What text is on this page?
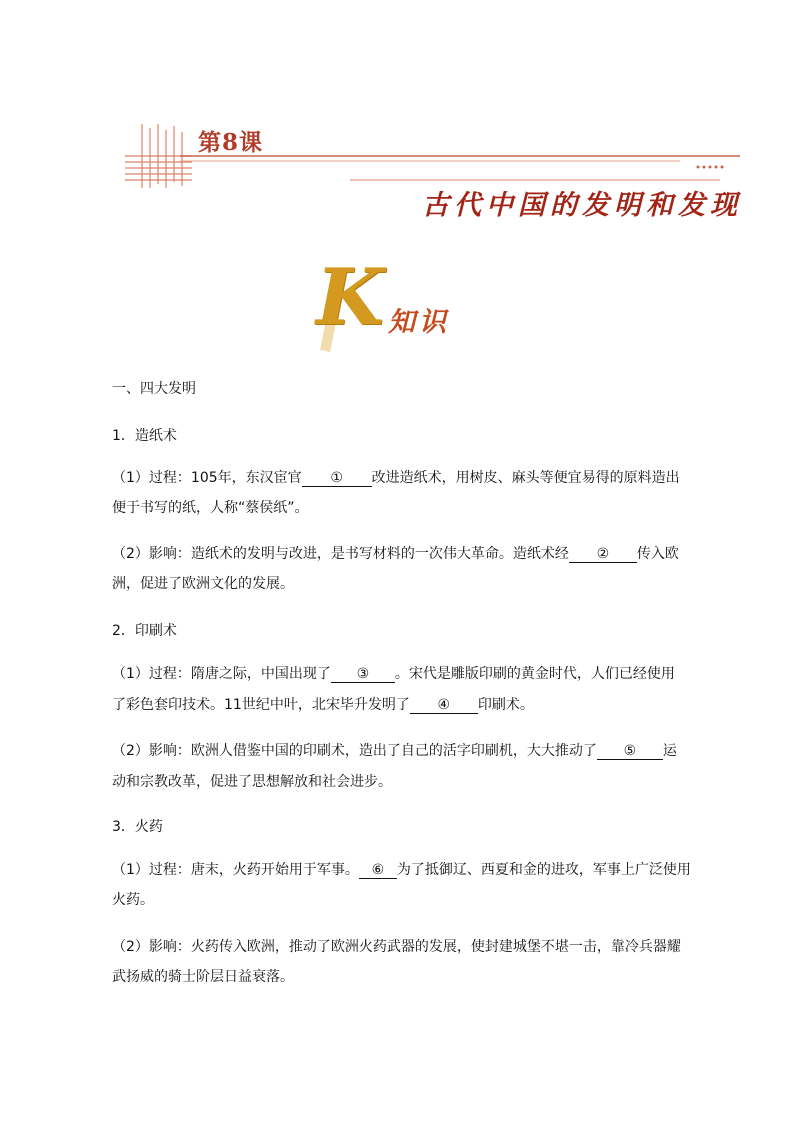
第8课
古代中国的发明和发现
K 知识
一、四大发明
1．造纸术
（1）过程：105年，东汉宦官 ① 改进造纸术，用树皮、麻头等便宜易得的原料造出
便于书写的纸，人称“蔡侯纸”。
（2）影响：造纸术的发明与改进，是书写材料的一次伟大革命。造纸术经 ② 传入欧
洲，促进了欧洲文化的发展。
2．印刷术
（1）过程：隋唐之际，中国出现了 ③ 。宋代是雕版印刷的黄金时代，人们已经使用
了彩色套印技术。11世纪中叶，北宋毕升发明了 ④ 印刷术。
（2）影响：欧洲人借鉴中国的印刷术，造出了自己的活字印刷机，大大推动了 ⑤ 运
动和宗教改革，促进了思想解放和社会进步。
3．火药
（1）过程：唐末，火药开始用于军事。 ⑥ 为了抵御辽、西夏和金的进攻，军事上广泛使用
火药。
（2）影响：火药传入欧洲，推动了欧洲火药武器的发展，使封建城堡不堪一击，靠冷兵器耀
武扬威的骑士阶层日益衰落。
